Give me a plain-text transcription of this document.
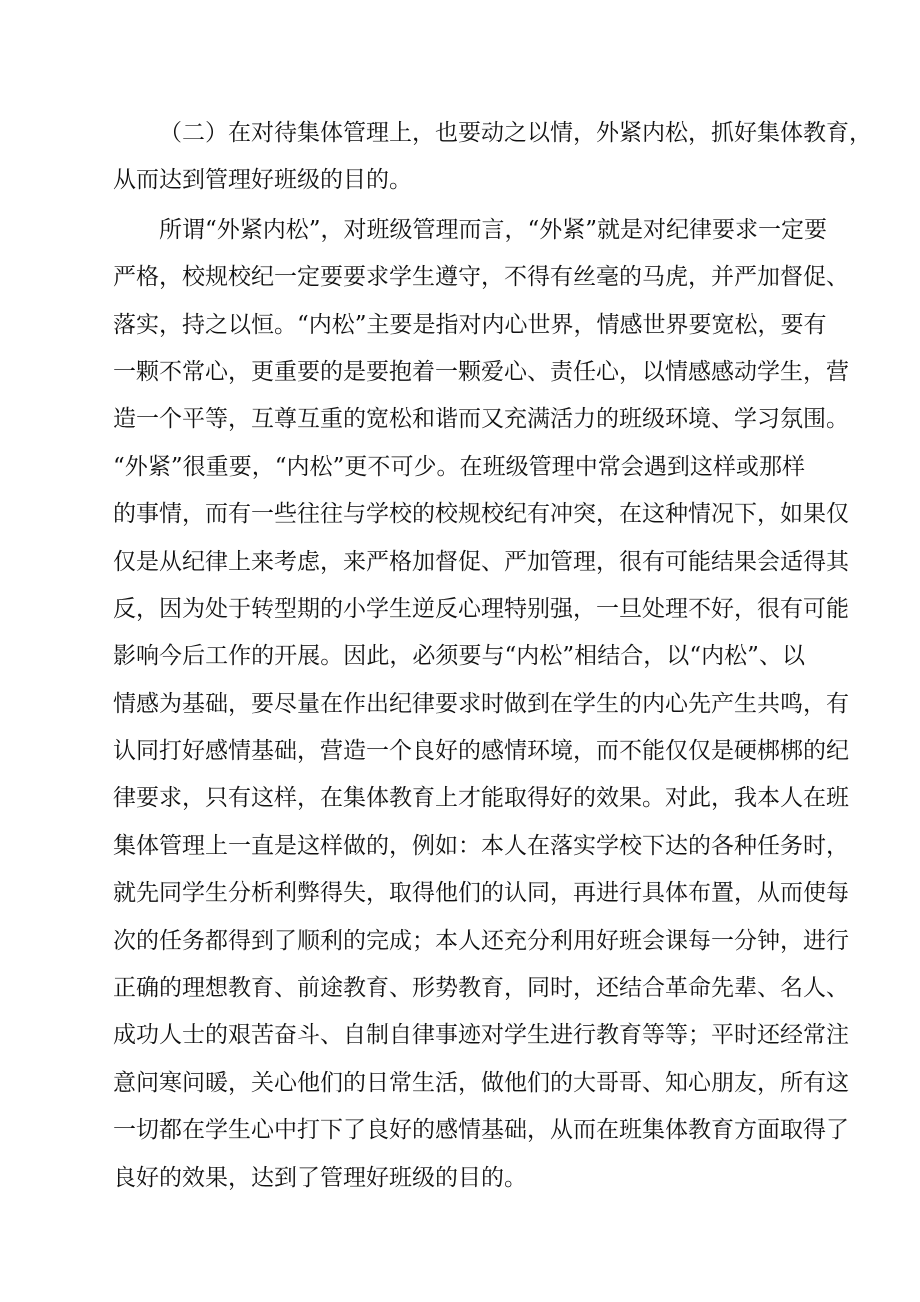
（二）在对待集体管理上，也要动之以情，外紧内松，抓好集体教育，
从而达到管理好班级的目的。
所谓“外紧内松”，对班级管理而言，“外紧”就是对纪律要求一定要
严格，校规校纪一定要要求学生遵守，不得有丝毫的马虎，并严加督促、
落实，持之以恒。“内松”主要是指对内心世界，情感世界要宽松，要有
一颗不常心，更重要的是要抱着一颗爱心、责任心，以情感感动学生，营
造一个平等，互尊互重的宽松和谐而又充满活力的班级环境、学习氛围。
“外紧”很重要，“内松”更不可少。在班级管理中常会遇到这样或那样
的事情，而有一些往往与学校的校规校纪有冲突，在这种情况下，如果仅
仅是从纪律上来考虑，来严格加督促、严加管理，很有可能结果会适得其
反，因为处于转型期的小学生逆反心理特别强，一旦处理不好，很有可能
影响今后工作的开展。因此，必须要与“内松”相结合，以“内松”、以
情感为基础，要尽量在作出纪律要求时做到在学生的内心先产生共鸣，有
认同打好感情基础，营造一个良好的感情环境，而不能仅仅是硬梆梆的纪
律要求，只有这样，在集体教育上才能取得好的效果。对此，我本人在班
集体管理上一直是这样做的，例如：本人在落实学校下达的各种任务时，
就先同学生分析利弊得失，取得他们的认同，再进行具体布置，从而使每
次的任务都得到了顺利的完成；本人还充分利用好班会课每一分钟，进行
正确的理想教育、前途教育、形势教育，同时，还结合革命先辈、名人、
成功人士的艰苦奋斗、自制自律事迹对学生进行教育等等；平时还经常注
意问寒问暖，关心他们的日常生活，做他们的大哥哥、知心朋友，所有这
一切都在学生心中打下了良好的感情基础，从而在班集体教育方面取得了
良好的效果，达到了管理好班级的目的。
